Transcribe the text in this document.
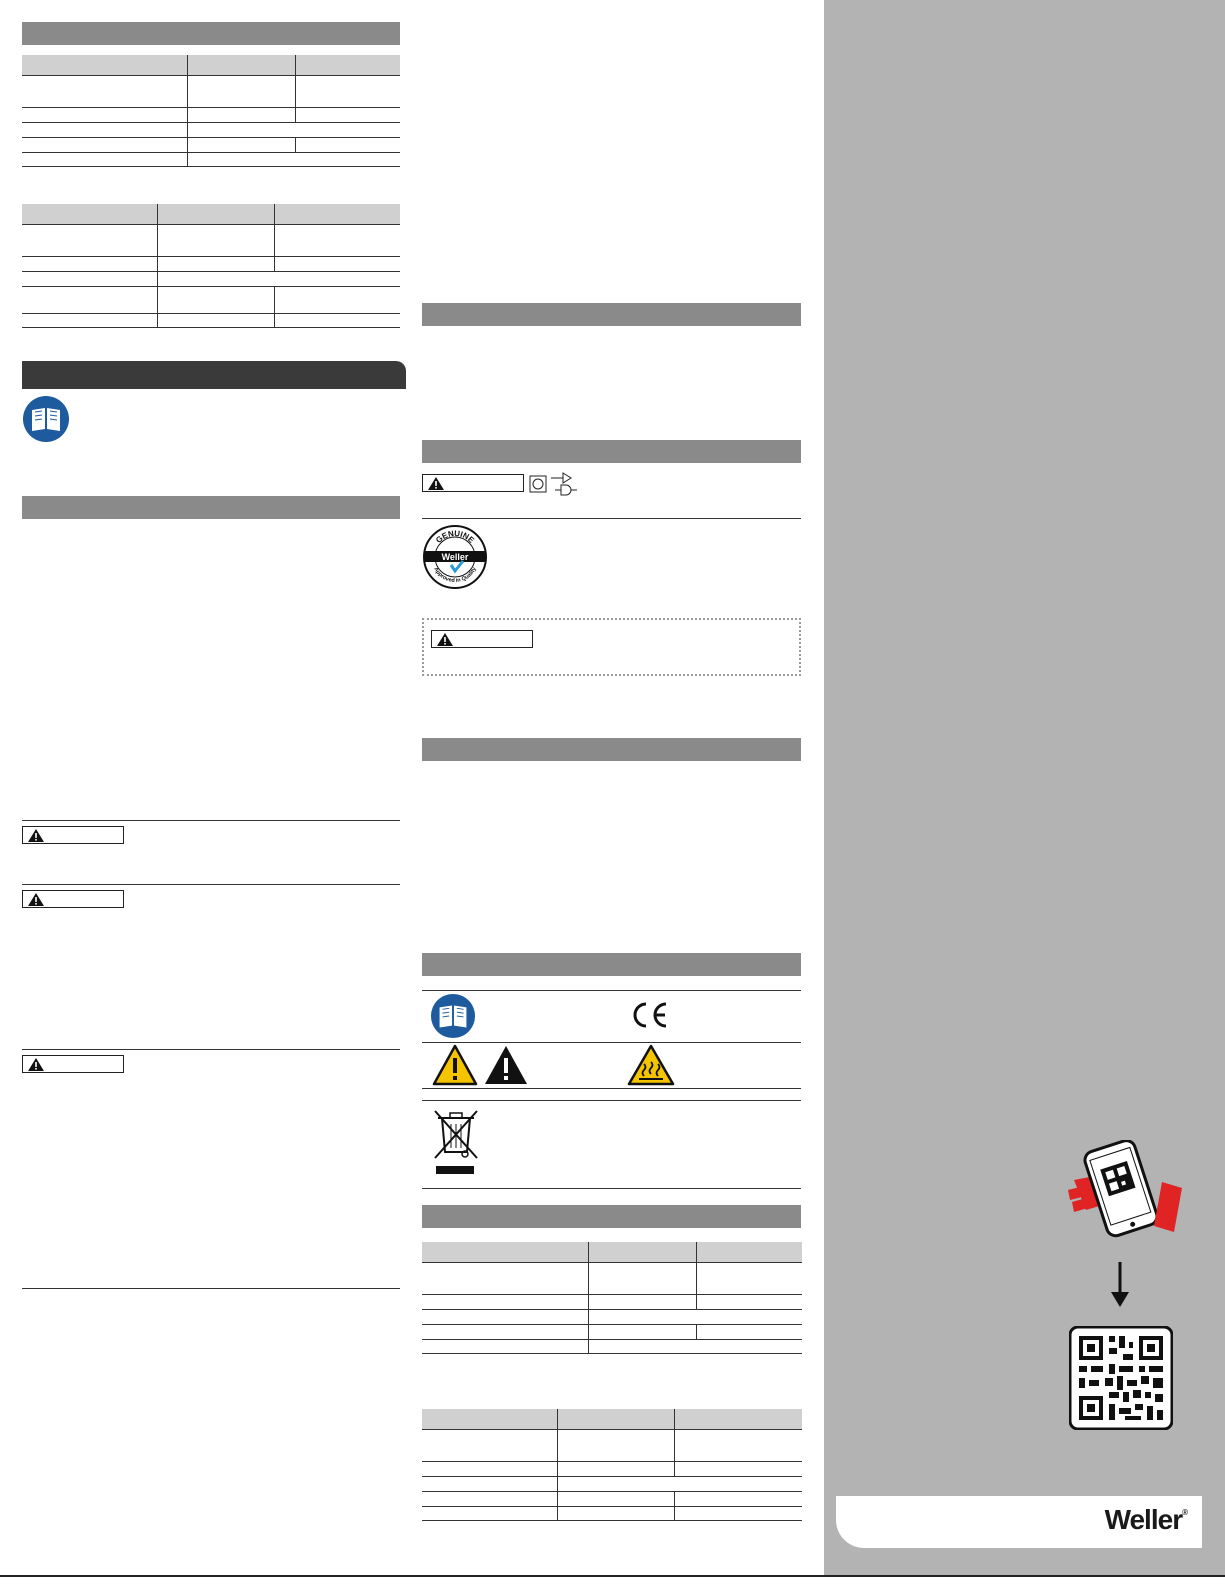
Weller®

GENUINE
Approved in Quality
Weller
